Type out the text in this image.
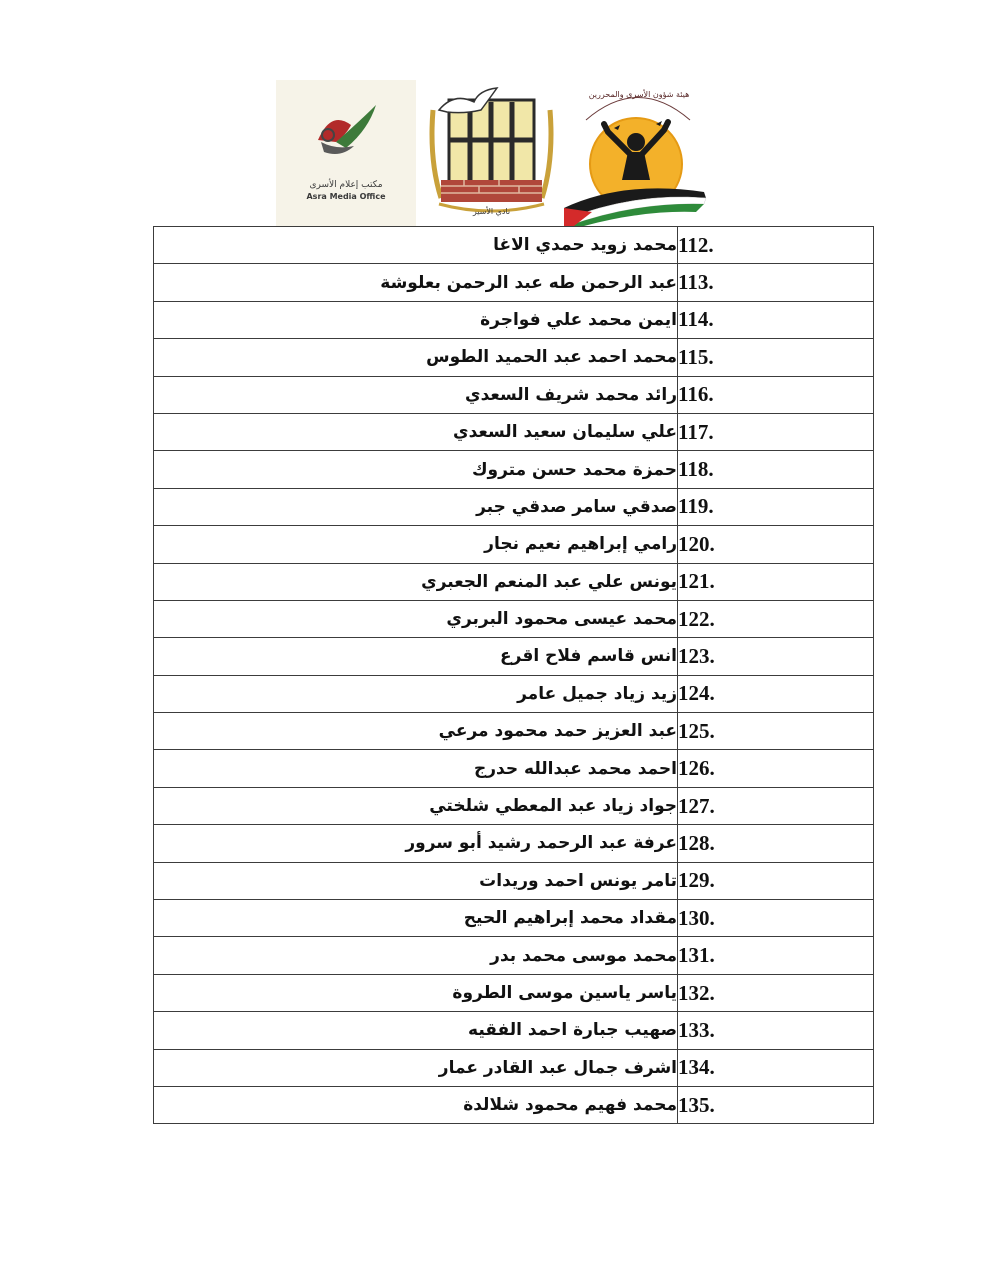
مكتب إعلام الأسرى
Asra Media Office
نادي الأسير
هيئة شؤون الأسرى والمحررين
محمد زويد حمدي الاغا	112.
عبد الرحمن طه عبد الرحمن بعلوشة	113.
ايمن محمد علي فواجرة	114.
محمد احمد عبد الحميد الطوس	115.
رائد محمد شريف السعدي	116.
علي سليمان سعيد السعدي	117.
حمزة محمد حسن متروك	118.
صدقي سامر صدقي جبر	119.
رامي إبراهيم نعيم نجار	120.
يونس علي عبد المنعم الجعبري	121.
محمد عيسى محمود البربري	122.
انس قاسم فلاح اقرع	123.
زيد زياد جميل عامر	124.
عبد العزيز حمد محمود مرعي	125.
احمد محمد عبدالله حدرج	126.
جواد زياد عبد المعطي شلختي	127.
عرفة عبد الرحمد رشيد أبو سرور	128.
تامر يونس احمد وريدات	129.
مقداد محمد إبراهيم الحيح	130.
محمد موسى محمد بدر	131.
ياسر ياسين موسى الطروة	132.
صهيب جبارة احمد الفقيه	133.
اشرف جمال عبد القادر عمار	134.
محمد فهيم محمود شلالدة	135.
